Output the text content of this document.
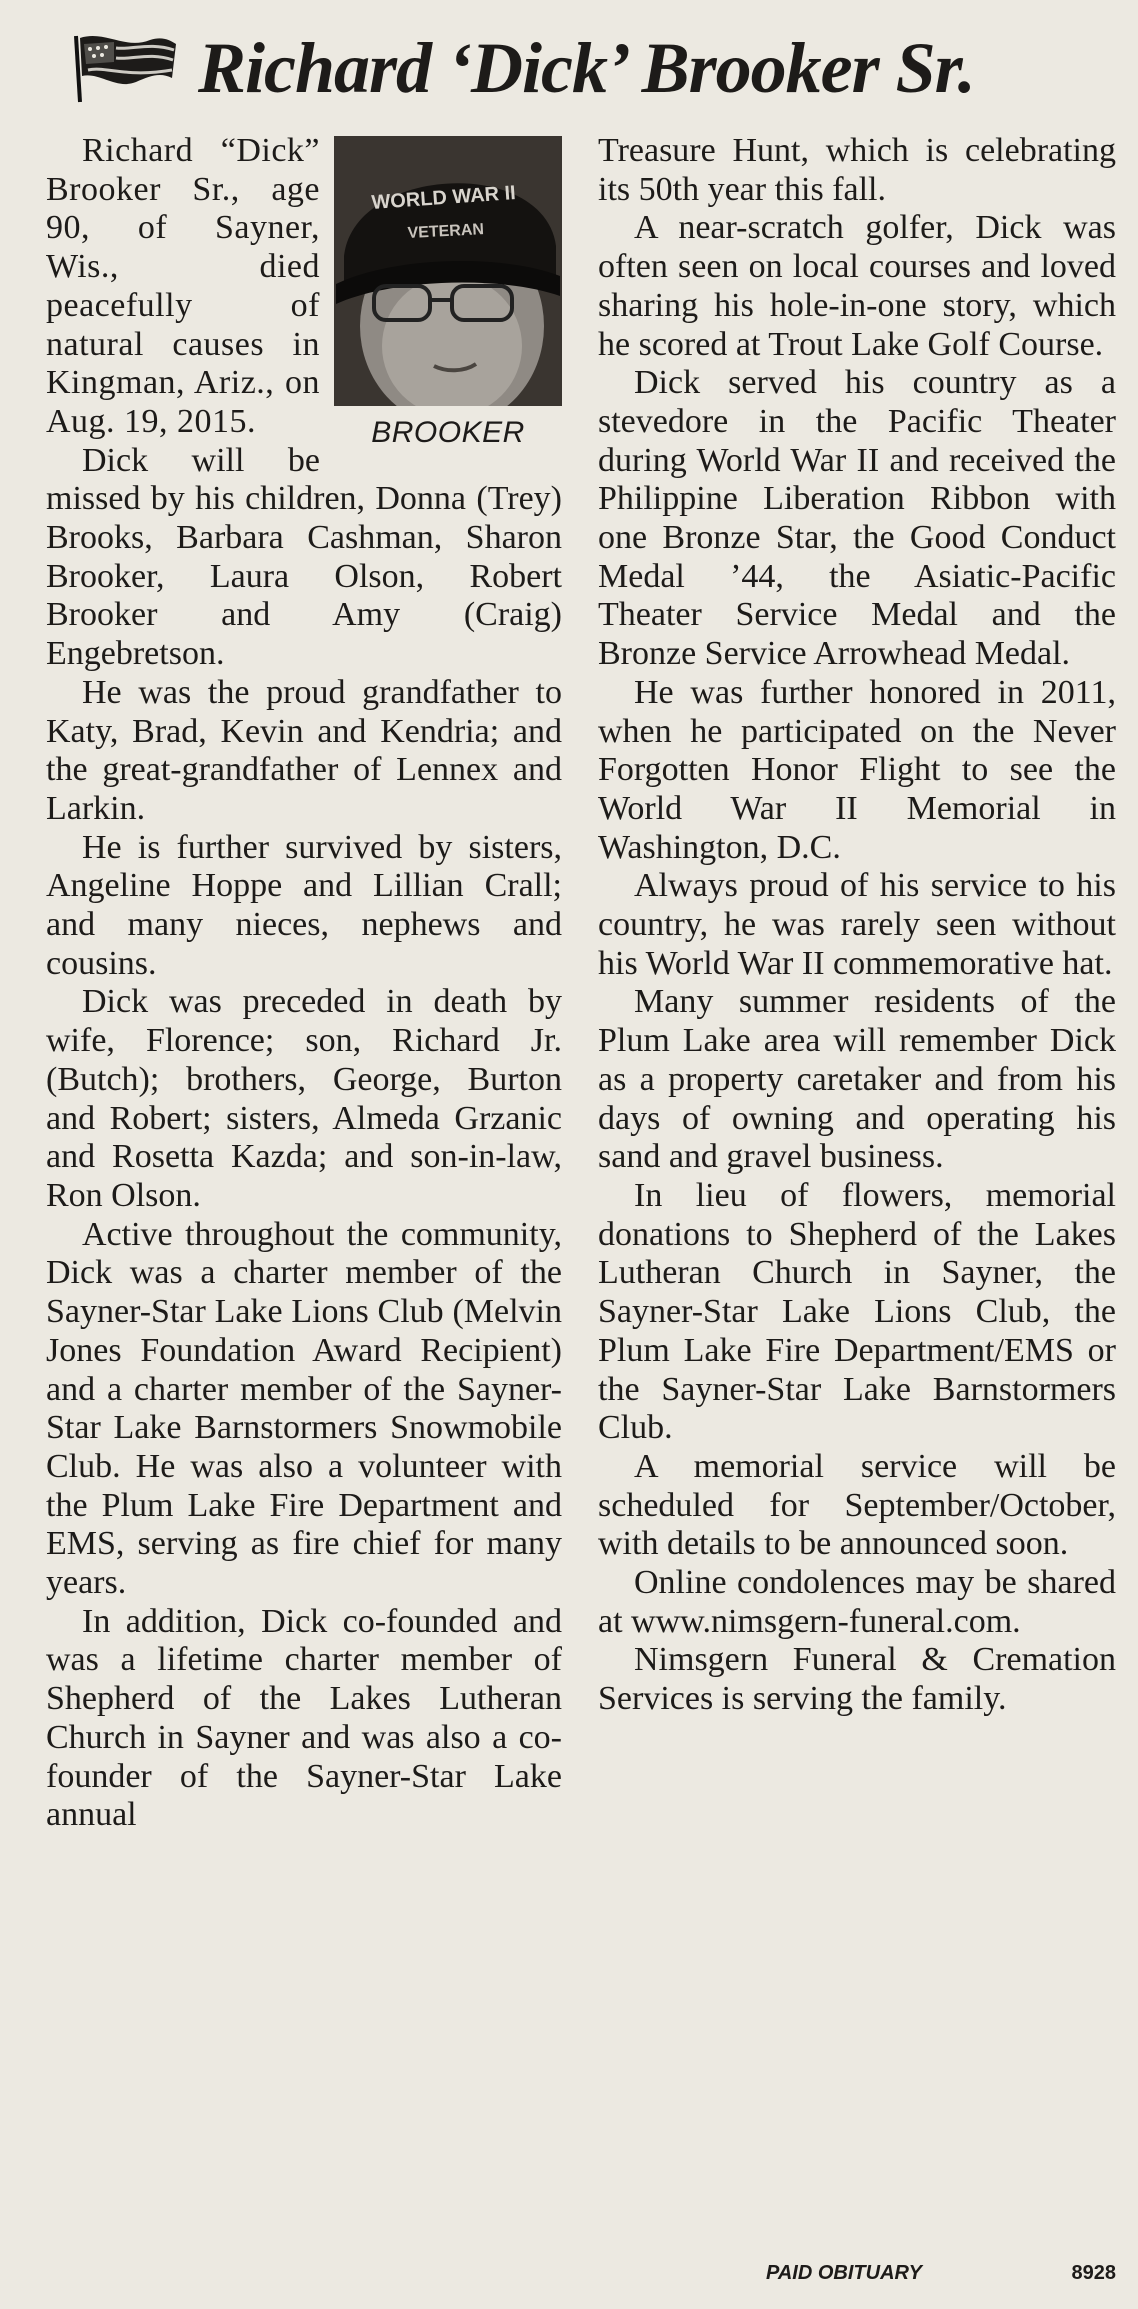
Richard ‘Dick’ Brooker Sr.
WORLD WAR II
VETERAN
BROOKER

Richard “Dick” Brooker Sr., age 90, of Sayner, Wis., died peacefully of natural causes in Kingman, Ariz., on Aug. 19, 2015.

Dick will be missed by his children, Donna (Trey) Brooks, Barbara Cashman, Sharon Brooker, Laura Olson, Robert Brooker and Amy (Craig) Engebretson.

He was the proud grandfather to Katy, Brad, Kevin and Kendria; and the great-grandfather of Lennex and Larkin.

He is further survived by sisters, Angeline Hoppe and Lillian Crall; and many nieces, nephews and cousins.

Dick was preceded in death by wife, Florence; son, Richard Jr. (Butch); brothers, George, Burton and Robert; sisters, Almeda Grzanic and Rosetta Kazda; and son-in-law, Ron Olson.

Active throughout the community, Dick was a charter member of the Sayner-Star Lake Lions Club (Melvin Jones Foundation Award Recipient) and a charter member of the Sayner-Star Lake Barnstormers Snowmobile Club. He was also a volunteer with the Plum Lake Fire Department and EMS, serving as fire chief for many years.

In addition, Dick co-founded and was a lifetime charter member of Shepherd of the Lakes Lutheran Church in Sayner and was also a co-founder of the Sayner-Star Lake annual

Treasure Hunt, which is celebrating its 50th year this fall.

A near-scratch golfer, Dick was often seen on local courses and loved sharing his hole-in-one story, which he scored at Trout Lake Golf Course.

Dick served his country as a stevedore in the Pacific Theater during World War II and received the Philippine Liberation Ribbon with one Bronze Star, the Good Conduct Medal ’44, the Asiatic-Pacific Theater Service Medal and the Bronze Service Arrowhead Medal.

He was further honored in 2011, when he participated on the Never Forgotten Honor Flight to see the World War II Memorial in Washington, D.C.

Always proud of his service to his country, he was rarely seen without his World War II commemorative hat.

Many summer residents of the Plum Lake area will remember Dick as a property caretaker and from his days of owning and operating his sand and gravel business.

In lieu of flowers, memorial donations to Shepherd of the Lakes Lutheran Church in Sayner, the Sayner-Star Lake Lions Club, the Plum Lake Fire Department/EMS or the Sayner-Star Lake Barnstormers Club.

A memorial service will be scheduled for September/October, with details to be announced soon.

Online condolences may be shared at www.nimsgern-funeral.com.

Nimsgern Funeral & Cremation Services is serving the family.

PAID OBITUARY	8928
